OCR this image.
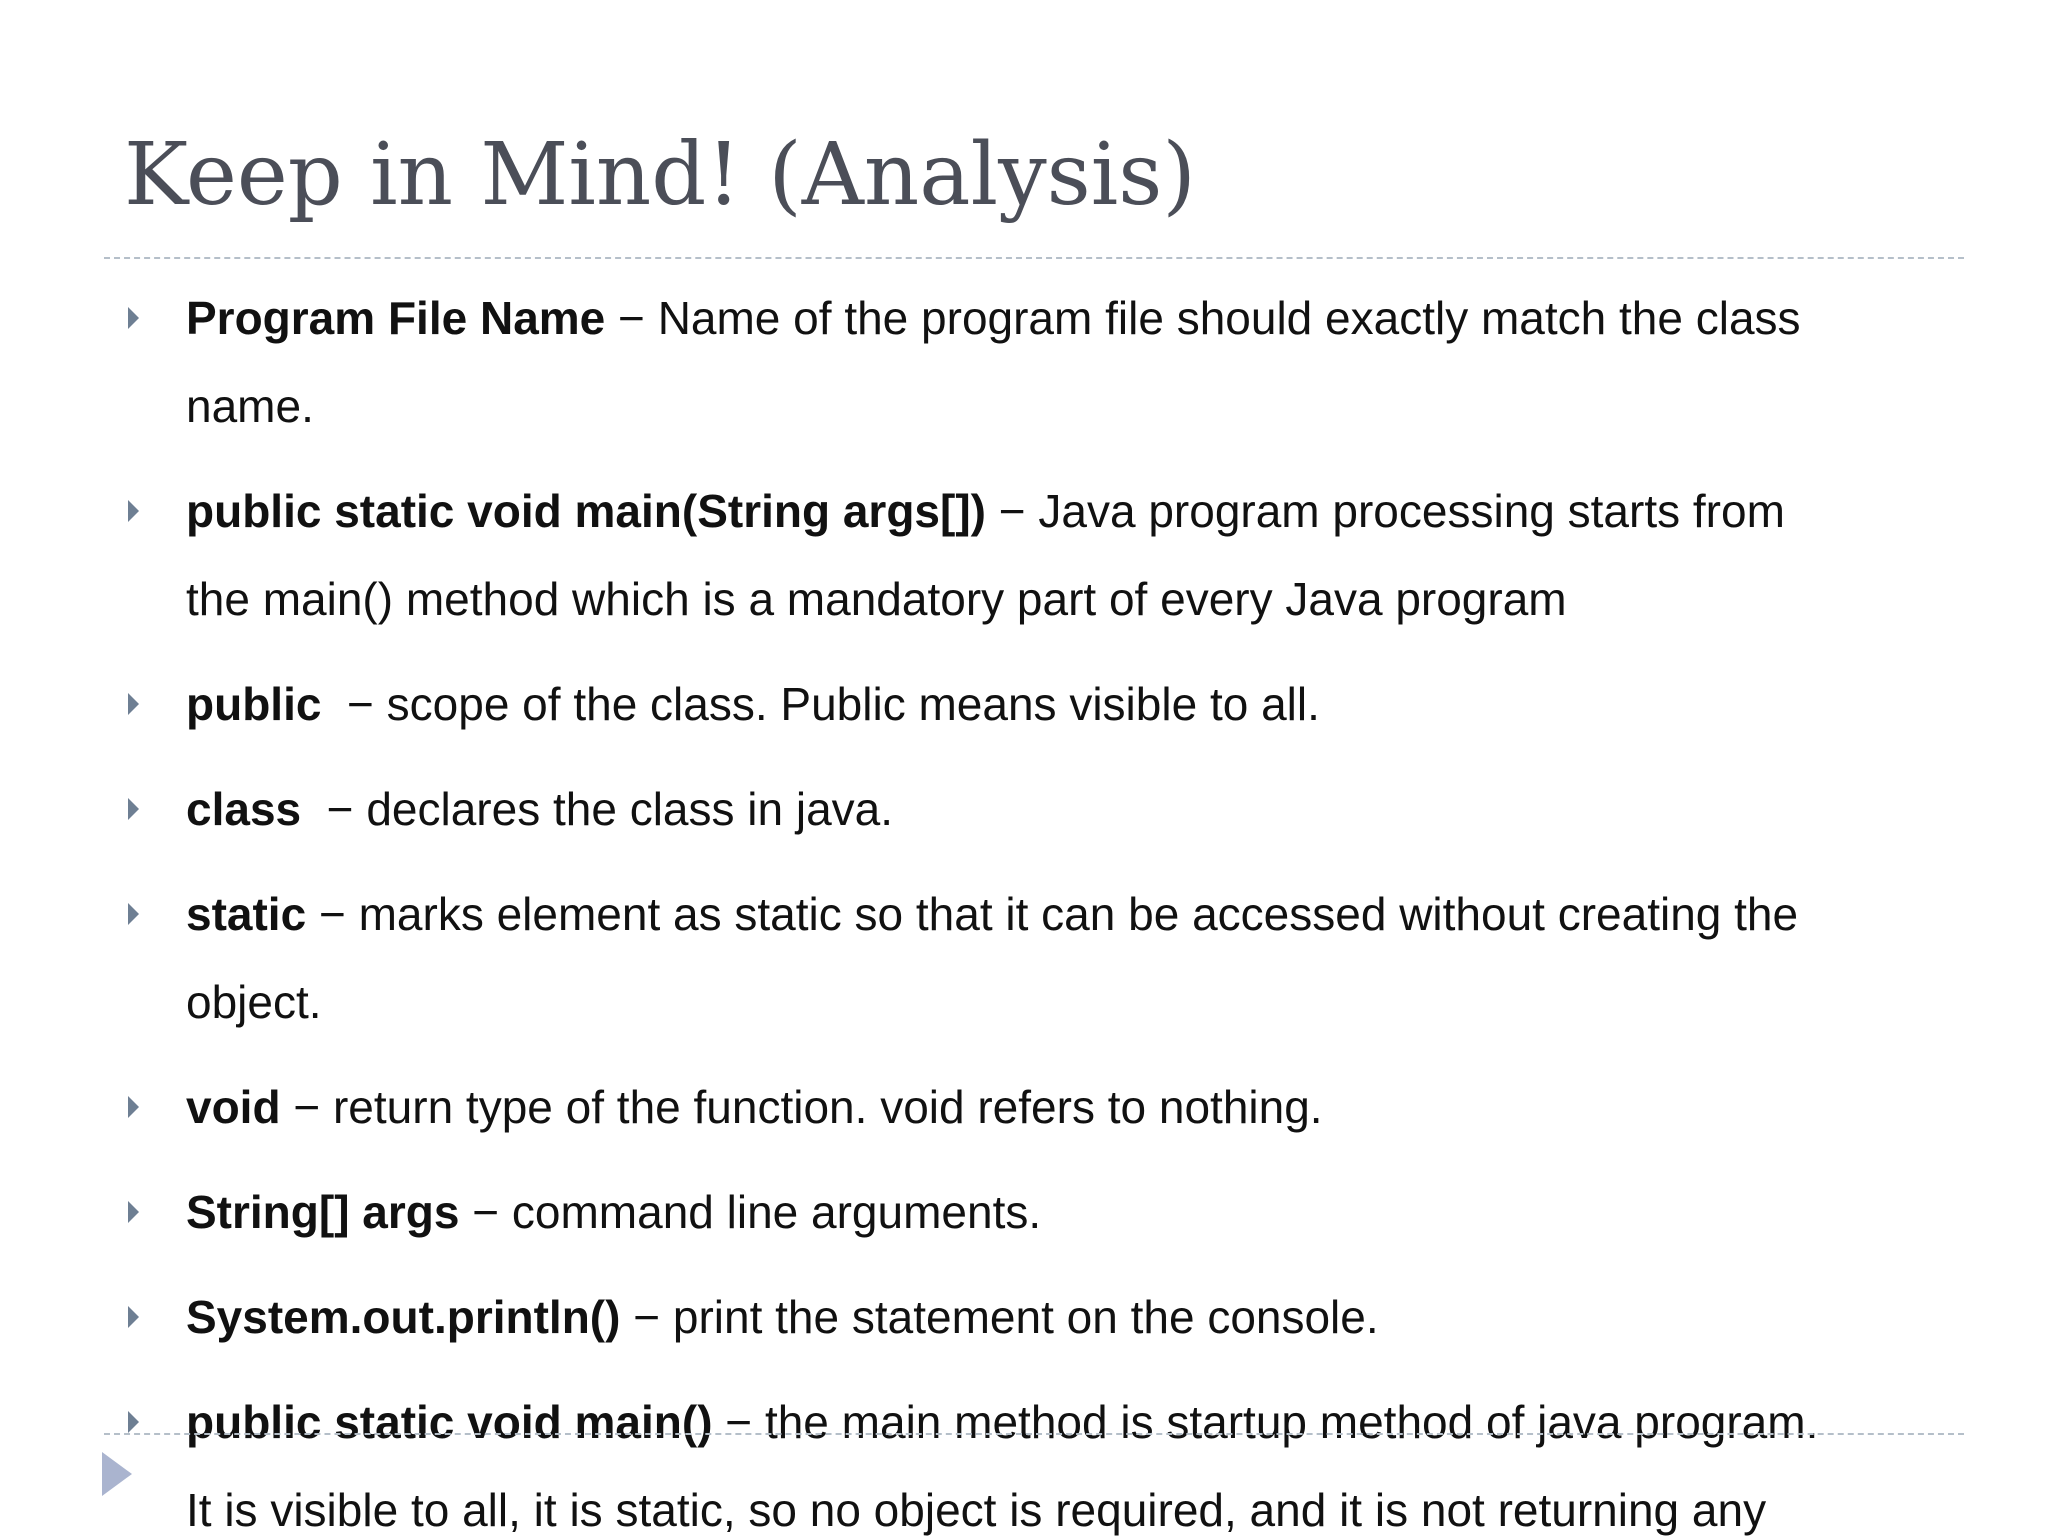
Keep in Mind! (Analysis)
Program File Name − Name of the program file should exactly match the class
name.
public static void main(String args[]) − Java program processing starts from
the main() method which is a mandatory part of every Java program
public  − scope of the class. Public means visible to all.
class  − declares the class in java.
static − marks element as static so that it can be accessed without creating the
object.
void − return type of the function. void refers to nothing.
String[] args − command line arguments.
System.out.println() − print the statement on the console.
public static void main() − the main method is startup method of java program.
It is visible to all, it is static, so no object is required, and it is not returning any
